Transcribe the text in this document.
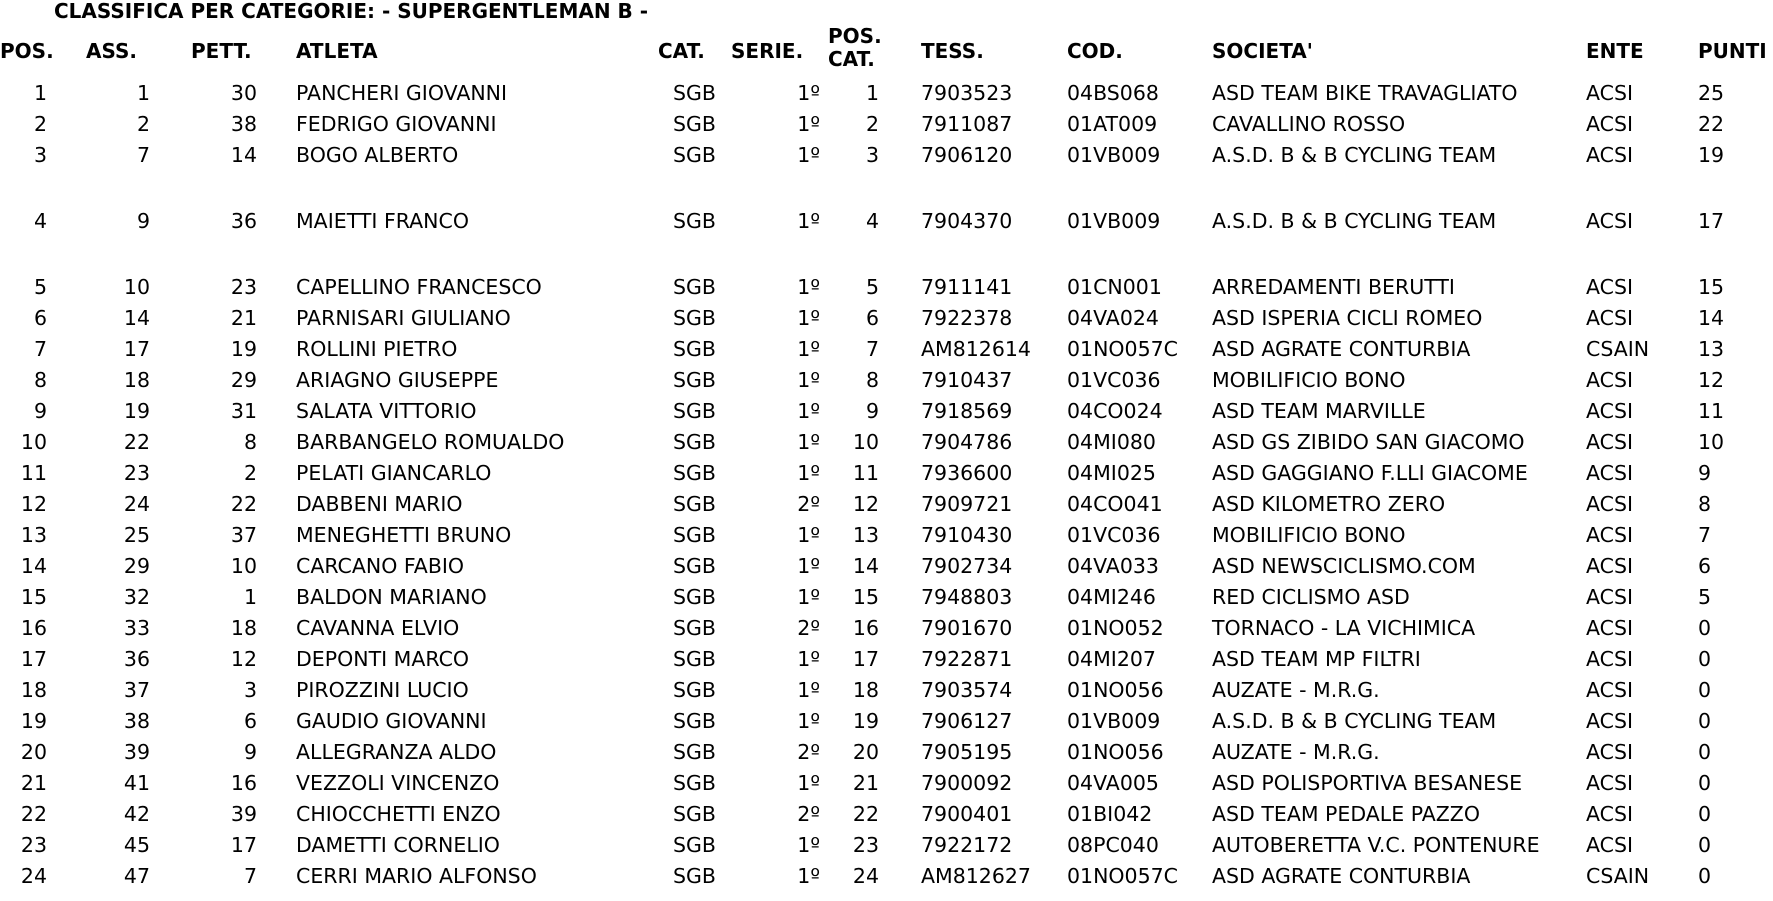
CLASSIFICA PER CATEGORIE: - SUPERGENTLEMAN B -
POS. ASS.	PETT. ATLETA	CAT. SERIE.
POS.
CAT.	TESS.	COD.	SOCIETA'	ENTE	PUNTI
1	1	30 PANCHERI GIOVANNI	SGB	1º	1 7903523	04BS068	ASD TEAM BIKE TRAVAGLIATO	ACSI	25
2	2	38 FEDRIGO GIOVANNI	SGB	1º	2 7911087	01AT009	CAVALLINO ROSSO	ACSI	22
3	7	14 BOGO ALBERTO	SGB	1º	3 7906120	01VB009	A.S.D. B & B CYCLING TEAM	ACSI	19
4	9	36 MAIETTI FRANCO	SGB	1º	4 7904370	01VB009	A.S.D. B & B CYCLING TEAM	ACSI	17
5	10	23 CAPELLINO FRANCESCO	SGB	1º	5 7911141	01CN001 ARREDAMENTI BERUTTI	ACSI	15
6	14	21 PARNISARI GIULIANO	SGB	1º	6 7922378	04VA024	ASD ISPERIA CICLI ROMEO	ACSI	14
7	17	19 ROLLINI PIETRO	SGB	1º	7 AM812614 01NO057C ASD AGRATE CONTURBIA	CSAIN 13
8	18	29 ARIAGNO GIUSEPPE	SGB	1º	8 7910437	01VC036	MOBILIFICIO BONO	ACSI	12
9	19	31 SALATA VITTORIO	SGB	1º	9 7918569	04CO024 ASD TEAM MARVILLE	ACSI	11
10	22	8 BARBANGELO ROMUALDO	SGB	1º	10 7904786	04MI080	ASD GS ZIBIDO SAN GIACOMO	ACSI	10
11	23	2 PELATI GIANCARLO	SGB	1º	11 7936600	04MI025	ASD GAGGIANO F.LLI GIACOME	ACSI	9
12	24	22 DABBENI MARIO	SGB	2º	12 7909721	04CO041 ASD KILOMETRO ZERO	ACSI	8
13	25	37 MENEGHETTI BRUNO	SGB	1º	13 7910430	01VC036	MOBILIFICIO BONO	ACSI	7
14	29	10 CARCANO FABIO	SGB	1º	14 7902734	04VA033	ASD NEWSCICLISMO.COM	ACSI	6
15	32	1 BALDON MARIANO	SGB	1º	15 7948803	04MI246	RED CICLISMO ASD	ACSI	5
16	33	18 CAVANNA ELVIO	SGB	2º	16 7901670	01NO052 TORNACO - LA VICHIMICA	ACSI	0
17	36	12 DEPONTI MARCO	SGB	1º	17 7922871	04MI207	ASD TEAM MP FILTRI	ACSI	0
18	37	3 PIROZZINI LUCIO	SGB	1º	18 7903574	01NO056 AUZATE - M.R.G.	ACSI	0
19	38	6 GAUDIO GIOVANNI	SGB	1º	19 7906127	01VB009	A.S.D. B & B CYCLING TEAM	ACSI	0
20	39	9 ALLEGRANZA ALDO	SGB	2º	20 7905195	01NO056 AUZATE - M.R.G.	ACSI	0
21	41	16 VEZZOLI VINCENZO	SGB	1º	21 7900092	04VA005	ASD POLISPORTIVA BESANESE	ACSI	0
22	42	39 CHIOCCHETTI ENZO	SGB	2º	22 7900401	01BI042	ASD TEAM PEDALE PAZZO	ACSI	0
23	45	17 DAMETTI CORNELIO	SGB	1º	23 7922172	08PC040	AUTOBERETTA V.C. PONTENURE ACSI	0
24	47	7 CERRI MARIO ALFONSO	SGB	1º	24 AM812627 01NO057C ASD AGRATE CONTURBIA	CSAIN 0
